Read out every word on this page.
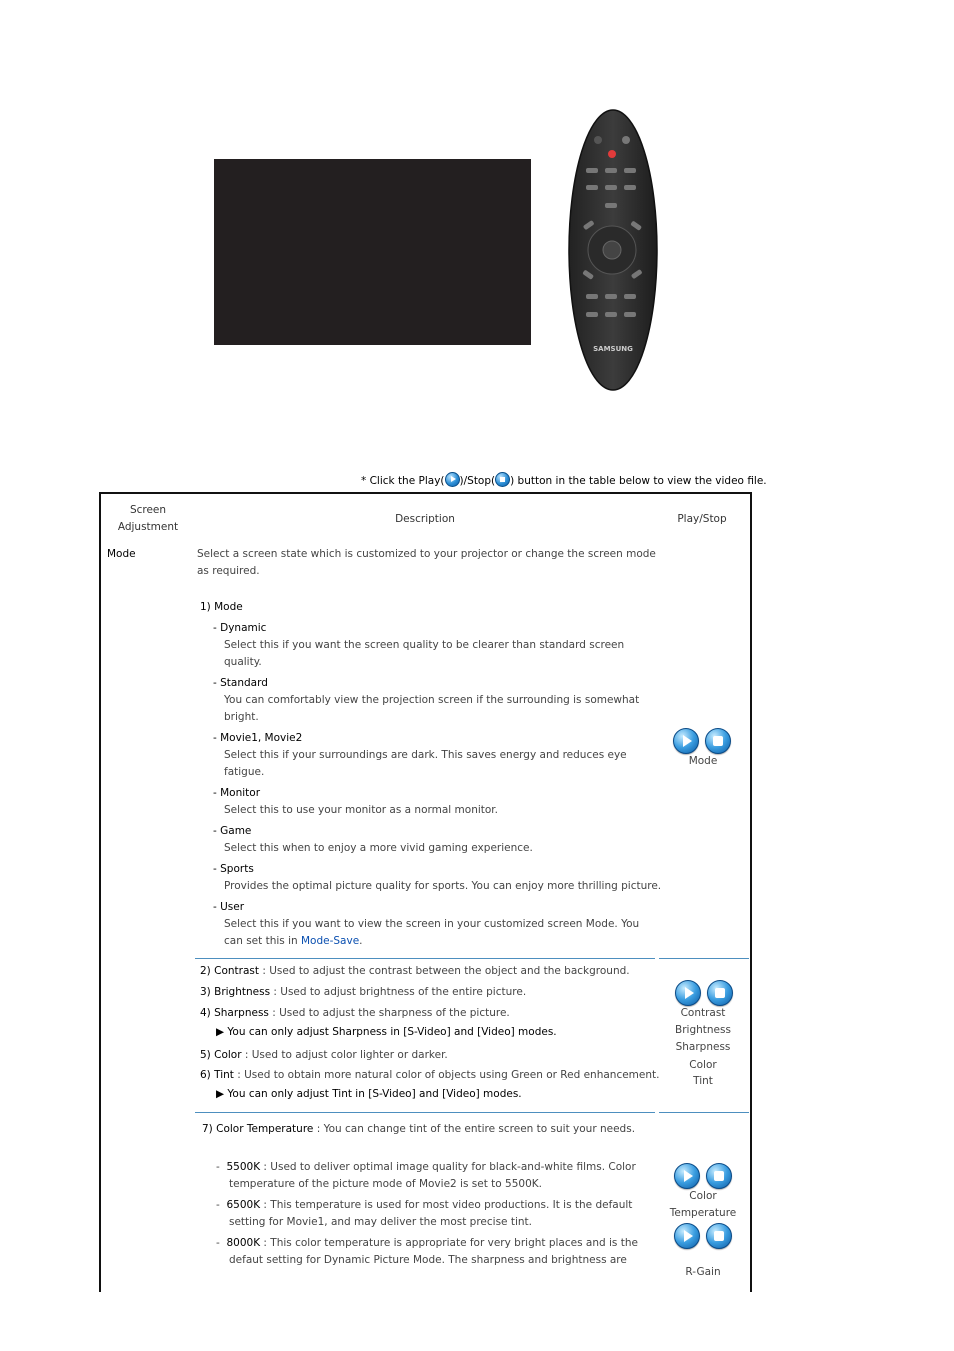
SAMSUNG
* Click the Play( )/Stop( ) button in the table below to view the video file.
Screen
Adjustment
Description	Play/Stop
Mode	Select a screen state which is customized to your projector or change the screen mode
as required.
1) Mode
- Dynamic
Select this if you want the screen quality to be clearer than standard screen
quality.
- Standard
You can comfortably view the projection screen if the surrounding is somewhat
bright.
- Movie1, Movie2
Select this if your surroundings are dark. This saves energy and reduces eye
fatigue.
- Monitor
Select this to use your monitor as a normal monitor.
- Game
Select this when to enjoy a more vivid gaming experience.
- Sports
Provides the optimal picture quality for sports. You can enjoy more thrilling picture.
- User
Select this if you want to view the screen in your customized screen Mode. You
can set this in Mode-Save.
Mode
2) Contrast : Used to adjust the contrast between the object and the background.
3) Brightness : Used to adjust brightness of the entire picture.
4) Sharpness : Used to adjust the sharpness of the picture.
▶ You can only adjust Sharpness in [S-Video] and [Video] modes.
5) Color : Used to adjust color lighter or darker.
6) Tint : Used to obtain more natural color of objects using Green or Red enhancement.
▶ You can only adjust Tint in [S-Video] and [Video] modes.
Contrast
Brightness
Sharpness
Color
Tint
7) Color Temperature : You can change tint of the entire screen to suit your needs.
-  5500K : Used to deliver optimal image quality for black-and-white films. Color
temperature of the picture mode of Movie2 is set to 5500K.
-  6500K : This temperature is used for most video productions. It is the default
setting for Movie1, and may deliver the most precise tint.
-  8000K : This color temperature is appropriate for very bright places and is the
defaut setting for Dynamic Picture Mode. The sharpness and brightness are
Color
Temperature
R-Gain
